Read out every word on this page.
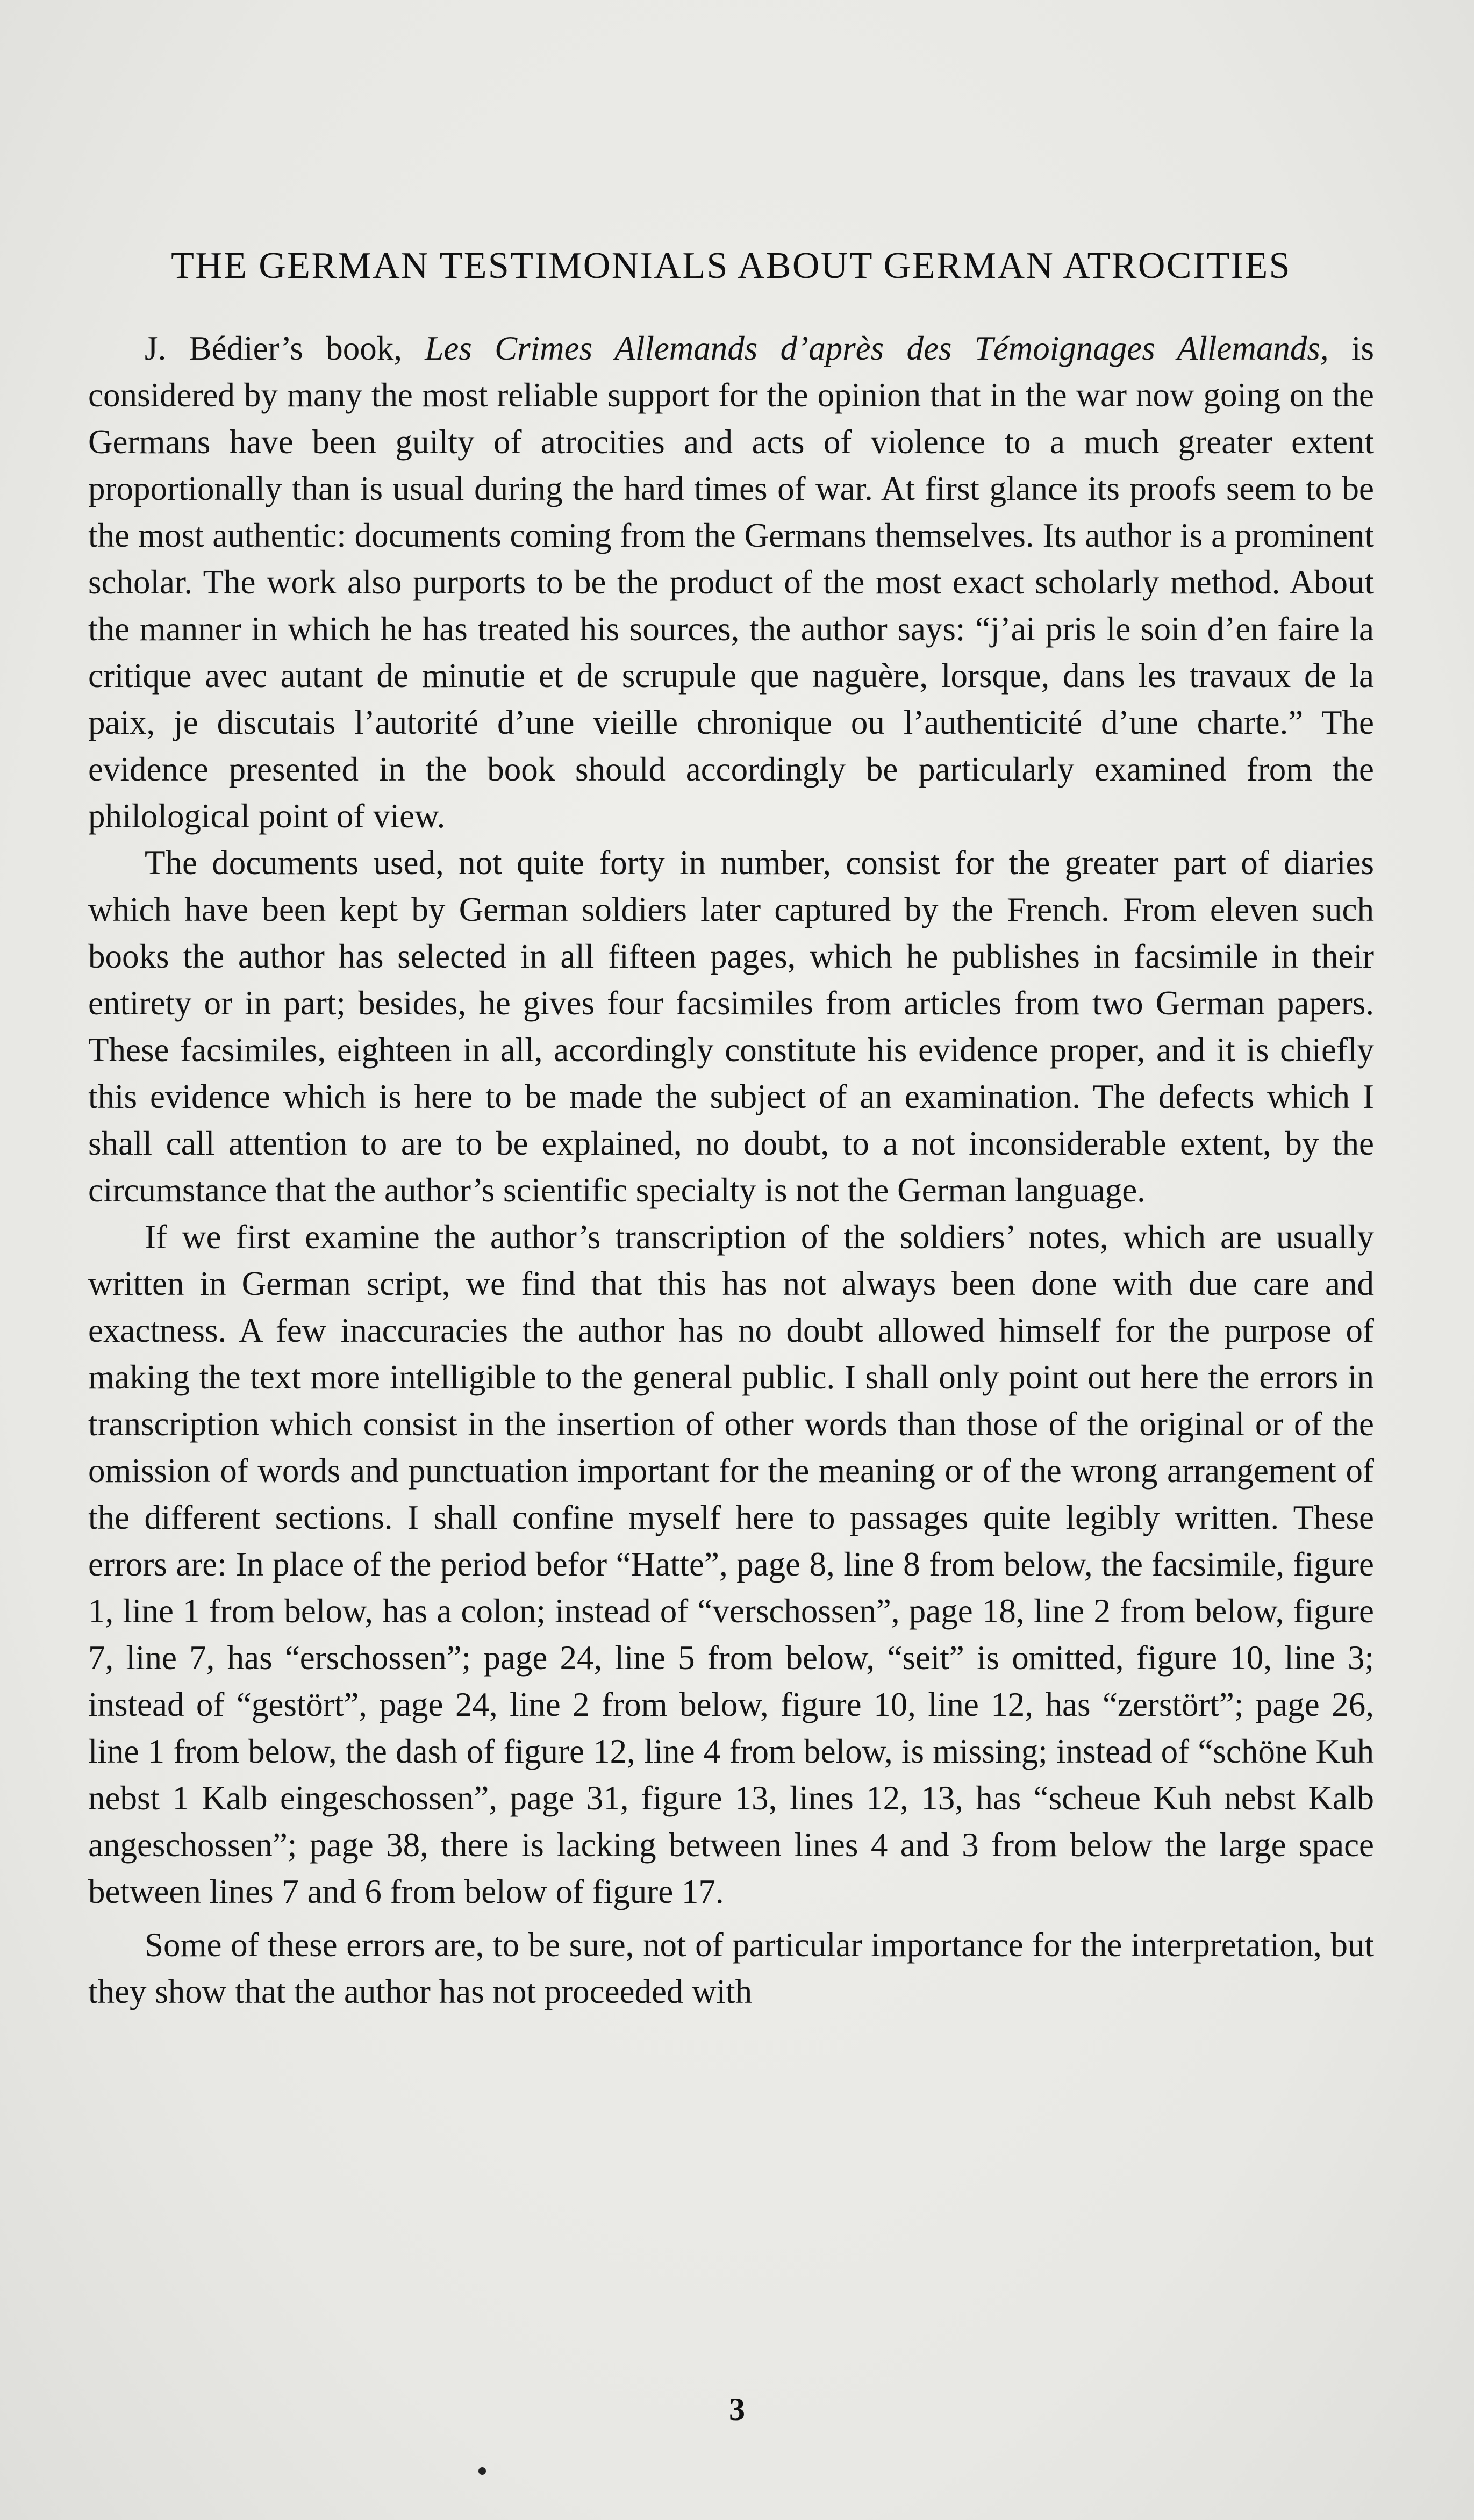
THE GERMAN TESTIMONIALS ABOUT GERMAN ATROCITIES

J. Bédier’s book, Les Crimes Allemands d’après des Témoignages Allemands, is considered by many the most reliable support for the opinion that in the war now going on the Germans have been guilty of atrocities and acts of violence to a much greater extent proportionally than is usual during the hard times of war. At first glance its proofs seem to be the most authentic: documents coming from the Germans themselves. Its author is a prominent scholar. The work also purports to be the product of the most exact scholarly method. About the manner in which he has treated his sources, the author says: “j’ai pris le soin d’en faire la critique avec autant de minutie et de scrupule que naguère, lorsque, dans les travaux de la paix, je discutais l’autorité d’une vieille chronique ou l’authenticité d’une charte.” The evidence presented in the book should accordingly be particularly examined from the philological point of view.

The documents used, not quite forty in number, consist for the greater part of diaries which have been kept by German soldiers later captured by the French. From eleven such books the author has selected in all fifteen pages, which he publishes in facsimile in their entirety or in part; besides, he gives four facsimiles from articles from two German papers. These facsimiles, eighteen in all, accordingly constitute his evidence proper, and it is chiefly this evidence which is here to be made the subject of an examination. The defects which I shall call attention to are to be explained, no doubt, to a not inconsiderable extent, by the circumstance that the author’s scientific specialty is not the German language.

If we first examine the author’s transcription of the soldiers’ notes, which are usually written in German script, we find that this has not always been done with due care and exactness. A few inaccuracies the author has no doubt allowed himself for the purpose of making the text more intelligible to the general public. I shall only point out here the errors in transcription which consist in the insertion of other words than those of the original or of the omission of words and punctuation important for the meaning or of the wrong arrangement of the different sections. I shall confine myself here to passages quite legibly written. These errors are: In place of the period befor “Hatte”, page 8, line 8 from below, the facsimile, figure 1, line 1 from below, has a colon; instead of “verschossen”, page 18, line 2 from below, figure 7, line 7, has “erschossen”; page 24, line 5 from below, “seit” is omitted, figure 10, line 3; instead of “gestört”, page 24, line 2 from below, figure 10, line 12, has “zerstört”; page 26, line 1 from below, the dash of figure 12, line 4 from below, is missing; instead of “schöne Kuh nebst 1 Kalb eingeschossen”, page 31, figure 13, lines 12, 13, has “scheue Kuh nebst Kalb angeschossen”; page 38, there is lacking between lines 4 and 3 from below the large space between lines 7 and 6 from below of figure 17.

Some of these errors are, to be sure, not of particular importance for the interpretation, but they show that the author has not proceeded with

3
